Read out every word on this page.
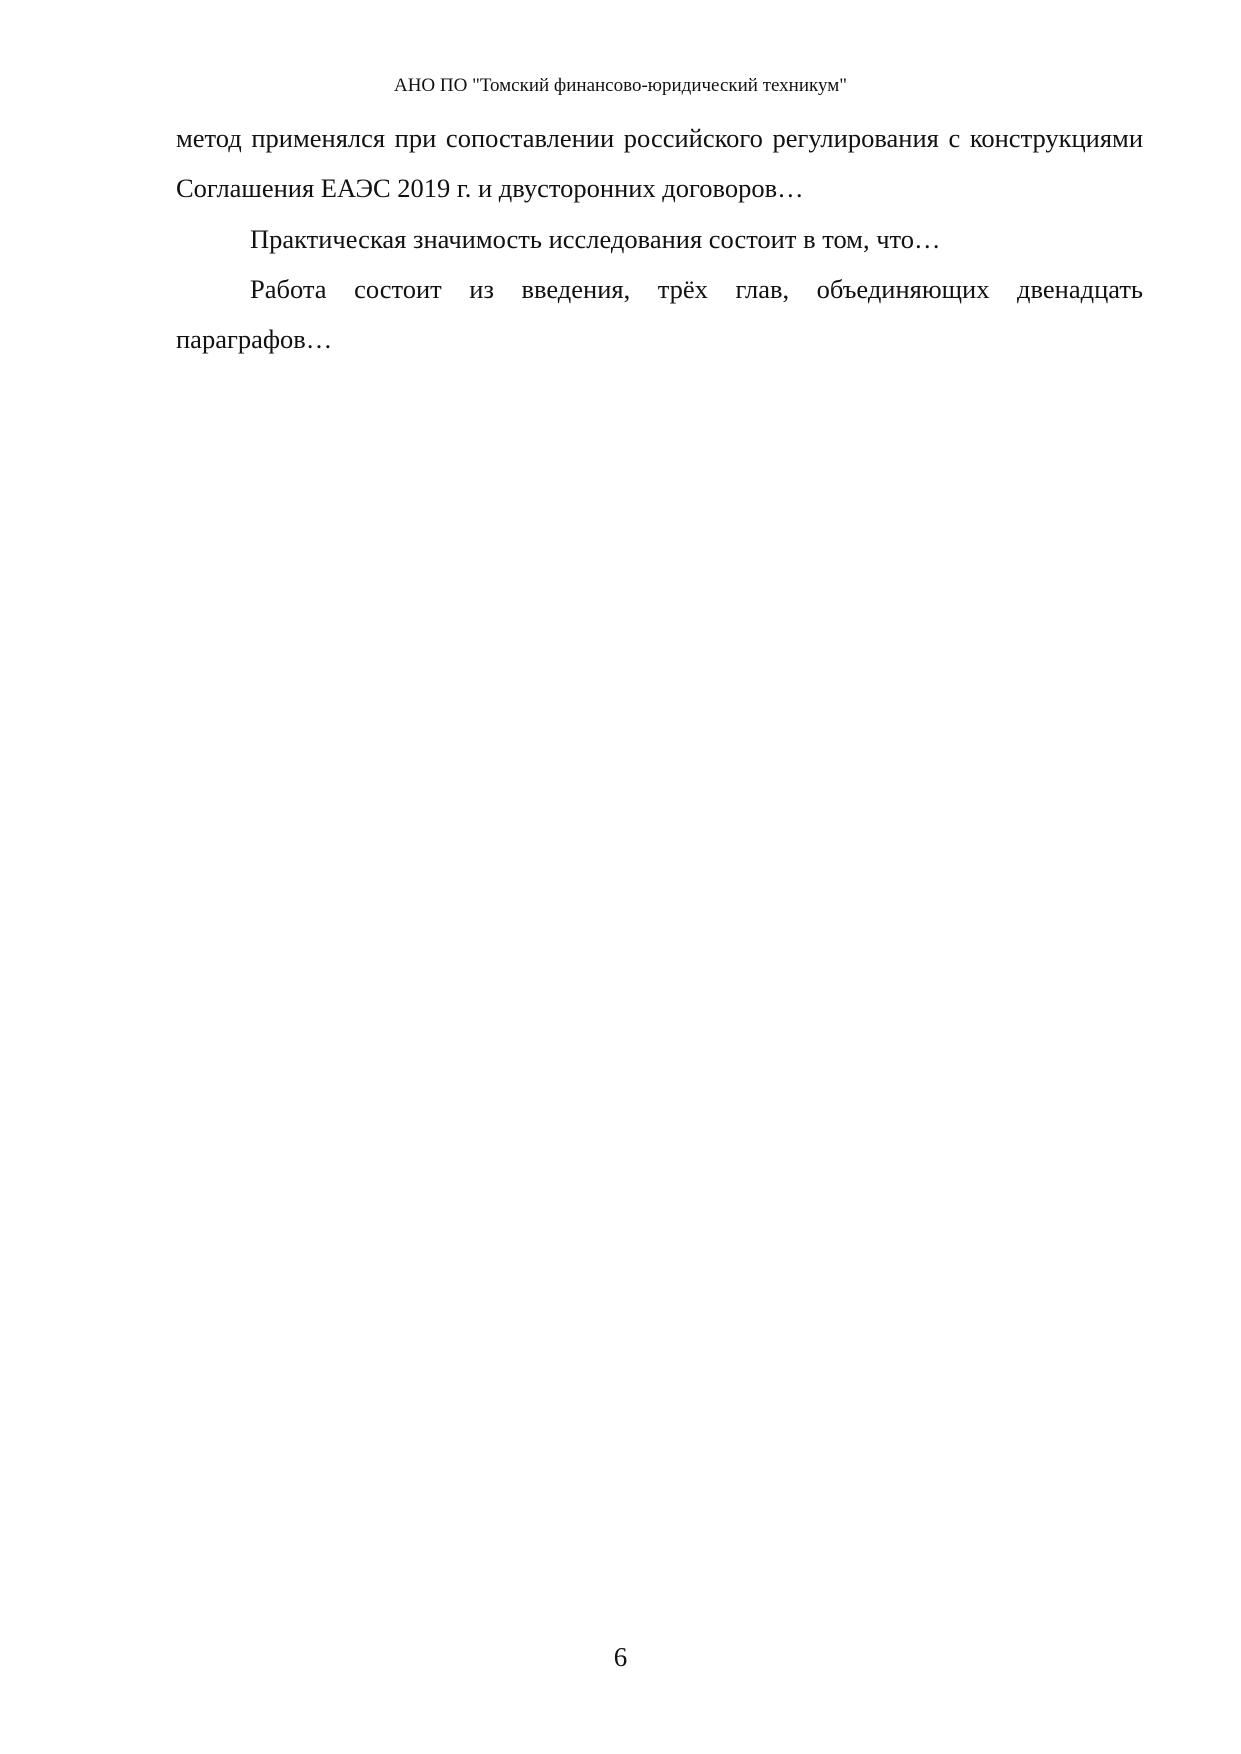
АНО ПО "Томский финансово-юридический техникум"

метод применялся при сопоставлении российского регулирования с конструкциями Соглашения ЕАЭС 2019 г. и двусторонних договоров…

Практическая значимость исследования состоит в том, что…

Работа состоит из введения, трёх глав, объединяющих двенадцать параграфов…

6
